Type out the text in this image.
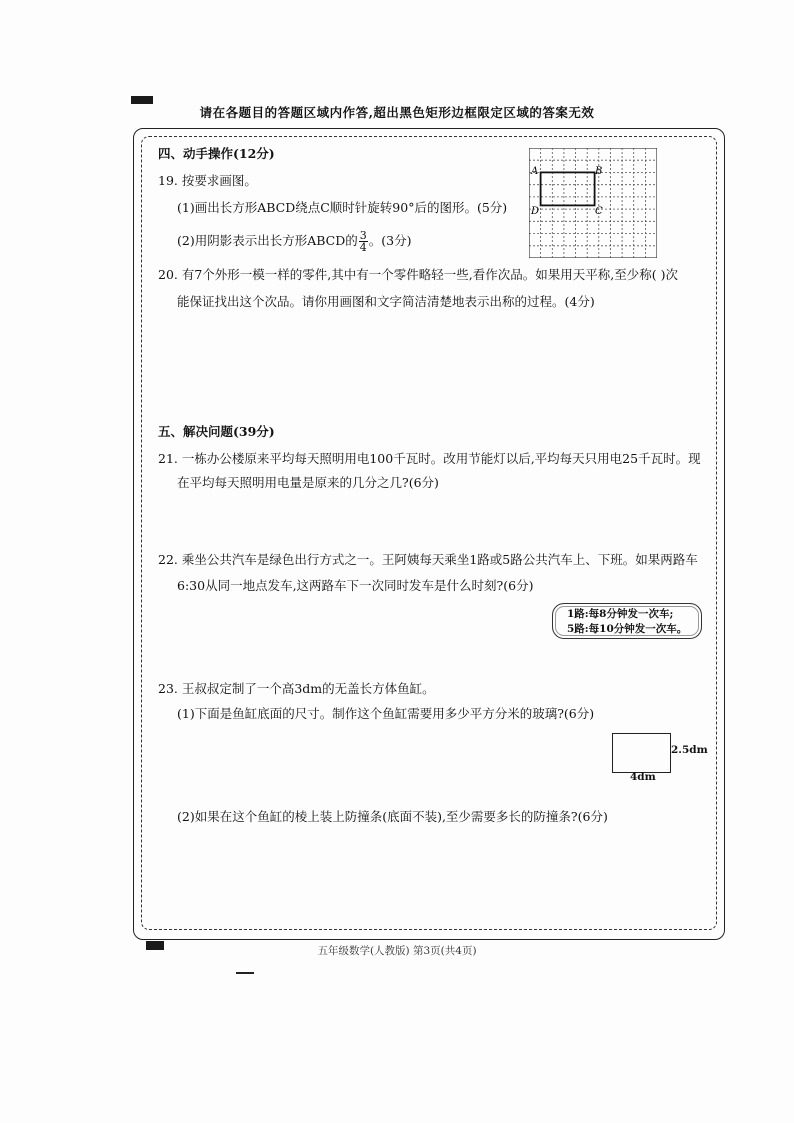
请在各题目的答题区域内作答,超出黑色矩形边框限定区域的答案无效
四、动手操作(12分)
19. 按要求画图。
(1)画出长方形ABCD绕点C顺时针旋转90°后的图形。(5分)
(2)用阴影表示出长方形ABCD的 $\frac{3}{4}$ 。(3分)
A	B
D	C
20. 有7个外形一模一样的零件,其中有一个零件略轻一些,看作次品。如果用天平称,至少称( )次
能保证找出这个次品。请你用画图和文字简洁清楚地表示出称的过程。(4分)
五、解决问题(39分)
21. 一栋办公楼原来平均每天照明用电100千瓦时。改用节能灯以后,平均每天只用电25千瓦时。现
在平均每天照明用电量是原来的几分之几?(6分)
22. 乘坐公共汽车是绿色出行方式之一。王阿姨每天乘坐1路或5路公共汽车上、下班。如果两路车
6:30从同一地点发车,这两路车下一次同时发车是什么时刻?(6分)
1路:每8分钟发一次车;
5路:每10分钟发一次车。
23. 王叔叔定制了一个高3dm的无盖长方体鱼缸。
(1)下面是鱼缸底面的尺寸。制作这个鱼缸需要用多少平方分米的玻璃?(6分)
2.5dm
4dm
(2)如果在这个鱼缸的棱上装上防撞条(底面不装),至少需要多长的防撞条?(6分)
五年级数学(人教版) 第3页(共4页)
